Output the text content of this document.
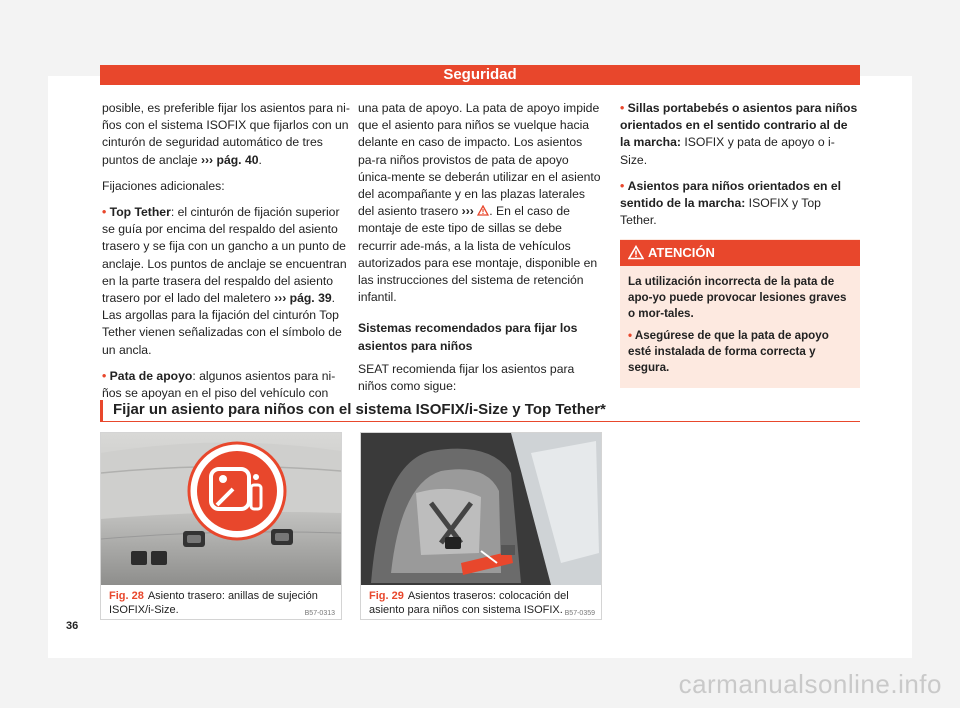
Seguridad

posible, es preferible fijar los asientos para ni-ños con el sistema ISOFIX que fijarlos con un cinturón de seguridad automático de tres puntos de anclaje ››› pág. 40.

Fijaciones adicionales:

• Top Tether: el cinturón de fijación superior se guía por encima del respaldo del asiento trasero y se fija con un gancho a un punto de anclaje. Los puntos de anclaje se encuentran en la parte trasera del respaldo del asiento trasero por el lado del maletero ››› pág. 39.
Las argollas para la fijación del cinturón Top Tether vienen señalizadas con el símbolo de un ancla.

• Pata de apoyo: algunos asientos para ni-ños se apoyan en el piso del vehículo con

una pata de apoyo. La pata de apoyo impide que el asiento para niños se vuelque hacia delante en caso de impacto. Los asientos pa-ra niños provistos de pata de apoyo única-mente se deberán utilizar en el asiento del acompañante y en las plazas laterales del asiento trasero ››› . En el caso de montaje de este tipo de sillas se debe recurrir ade-más, a la lista de vehículos autorizados para ese montaje, disponible en las instrucciones del sistema de retención infantil.

Sistemas recomendados para fijar los asientos para niños

SEAT recomienda fijar los asientos para niños como sigue:

• Sillas portabebés o asientos para niños orientados en el sentido contrario al de la marcha: ISOFIX y pata de apoyo o i-Size.

• Asientos para niños orientados en el sentido de la marcha: ISOFIX y Top Tether.

ATENCIÓN

La utilización incorrecta de la pata de apo-yo puede provocar lesiones graves o mor-tales.

• Asegúrese de que la pata de apoyo esté instalada de forma correcta y segura.

Fijar un asiento para niños con el sistema ISOFIX/i-Size y Top Tether*
B57-0313
Fig. 28 Asiento trasero: anillas de sujeción ISOFIX/i-Size.	B57-0359
Fig. 29 Asientos traseros: colocación del asiento para niños con sistema ISOFIX.
36
carmanualsonline.info
